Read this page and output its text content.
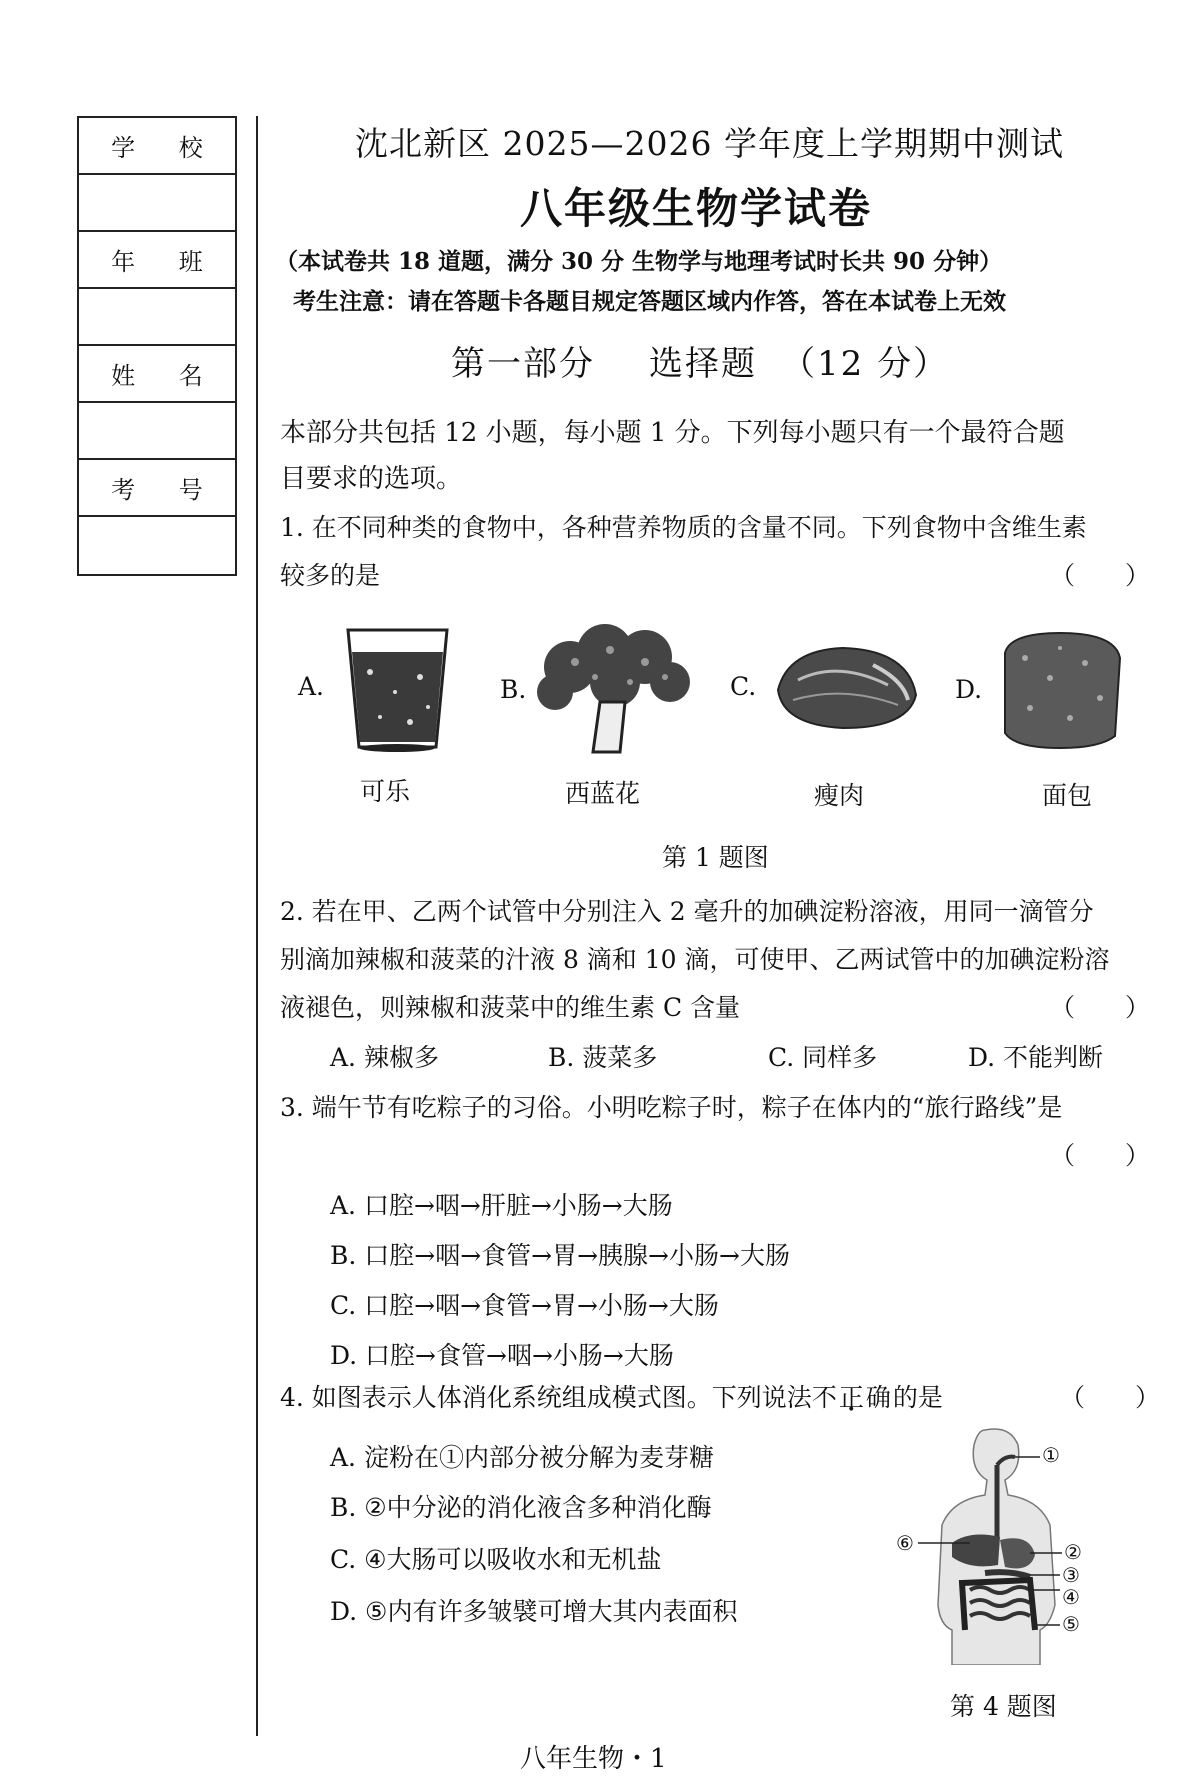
学 校
年 班
姓 名
考 号
沈北新区 2025—2026 学年度上学期期中测试
八年级生物学试卷
（本试卷共 18 道题，满分 30 分 生物学与地理考试时长共 90 分钟）
考生注意：请在答题卡各题目规定答题区域内作答，答在本试卷上无效
第一部分 选择题 （12 分）
本部分共包括 12 小题，每小题 1 分。下列每小题只有一个最符合题
目要求的选项。
1. 在不同种类的食物中，各种营养物质的含量不同。下列食物中含维生素
较多的是	（　　）
A.
可乐
B.
西蓝花
C.
瘦肉
D.
面包
第 1 题图
2. 若在甲、乙两个试管中分别注入 2 毫升的加碘淀粉溶液，用同一滴管分
别滴加辣椒和菠菜的汁液 8 滴和 10 滴，可使甲、乙两试管中的加碘淀粉溶
液褪色，则辣椒和菠菜中的维生素 C 含量	（　　）
A. 辣椒多	B. 菠菜多	C. 同样多	D. 不能判断
3. 端午节有吃粽子的习俗。小明吃粽子时，粽子在体内的“旅行路线”是
（　　）
A. 口腔→咽→肝脏→小肠→大肠
B. 口腔→咽→食管→胃→胰腺→小肠→大肠
C. 口腔→咽→食管→胃→小肠→大肠
D. 口腔→食管→咽→小肠→大肠
4. 如图表示人体消化系统组成模式图。下列说法不正确的是	（　　）
A. 淀粉在①内部分被分解为麦芽糖
B. ②中分泌的消化液含多种消化酶
C. ④大肠可以吸收水和无机盐
D. ⑤内有许多皱襞可增大其内表面积
①
②
③
④
⑤
⑥
第 4 题图
八年生物・1
